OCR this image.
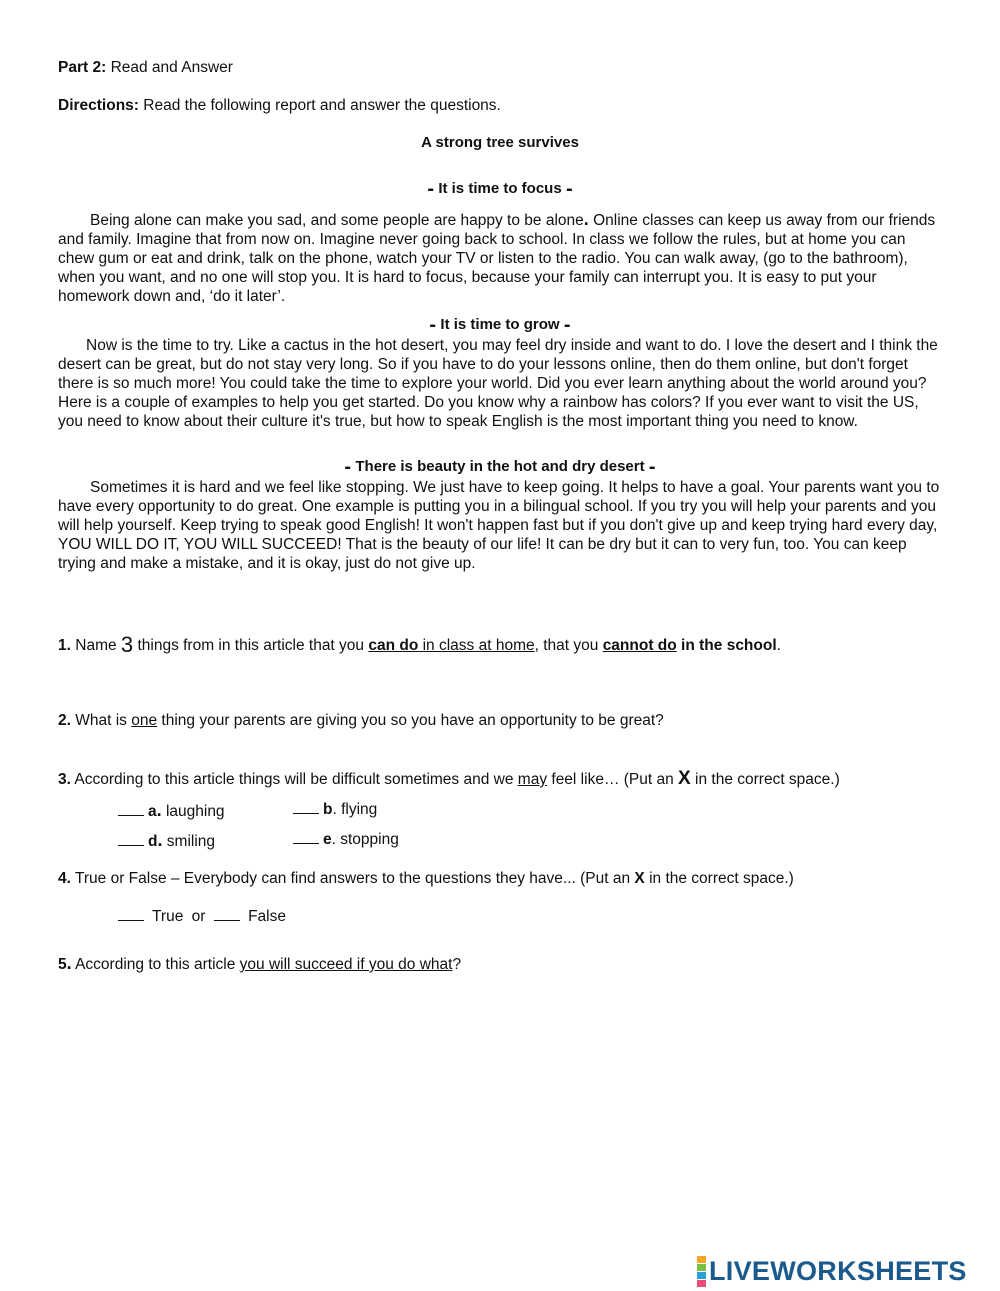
Part 2: Read and Answer
Directions: Read the following report and answer the questions.
A strong tree survives
- It is time to focus -
Being alone can make you sad, and some people are happy to be alone. Online classes can keep us away from our friends and family. Imagine that from now on. Imagine never going back to school. In class we follow the rules, but at home you can chew gum or eat and drink, talk on the phone, watch your TV or listen to the radio. You can walk away, (go to the bathroom), when you want, and no one will stop you. It is hard to focus, because your family can interrupt you. It is easy to put your homework down and, ‘do it later’.
- It is time to grow -
Now is the time to try. Like a cactus in the hot desert, you may feel dry inside and want to do. I love the desert and I think the desert can be great, but do not stay very long. So if you have to do your lessons online, then do them online, but don't forget there is so much more! You could take the time to explore your world. Did you ever learn anything about the world around you? Here is a couple of examples to help you get started. Do you know why a rainbow has colors? If you ever want to visit the US, you need to know about their culture it's true, but how to speak English is the most important thing you need to know.
- There is beauty in the hot and dry desert -
Sometimes it is hard and we feel like stopping. We just have to keep going. It helps to have a goal. Your parents want you to have every opportunity to do great. One example is putting you in a bilingual school. If you try you will help your parents and you will help yourself. Keep trying to speak good English! It won't happen fast but if you don't give up and keep trying hard every day, YOU WILL DO IT, YOU WILL SUCCEED! That is the beauty of our life! It can be dry but it can to very fun, too. You can keep trying and make a mistake, and it is okay, just do not give up.
1. Name 3 things from in this article that you can do in class at home, that you cannot do in the school.
2. What is one thing your parents are giving you so you have an opportunity to be great?
3. According to this article things will be difficult sometimes and we may feel like… (Put an X in the correct space.)
a. laughing	b. flying
d. smiling	e. stopping
4. True or False – Everybody can find answers to the questions they have... (Put an X in the correct space.)
True or	False
5. According to this article you will succeed if you do what?
LIVEWORKSHEETS
